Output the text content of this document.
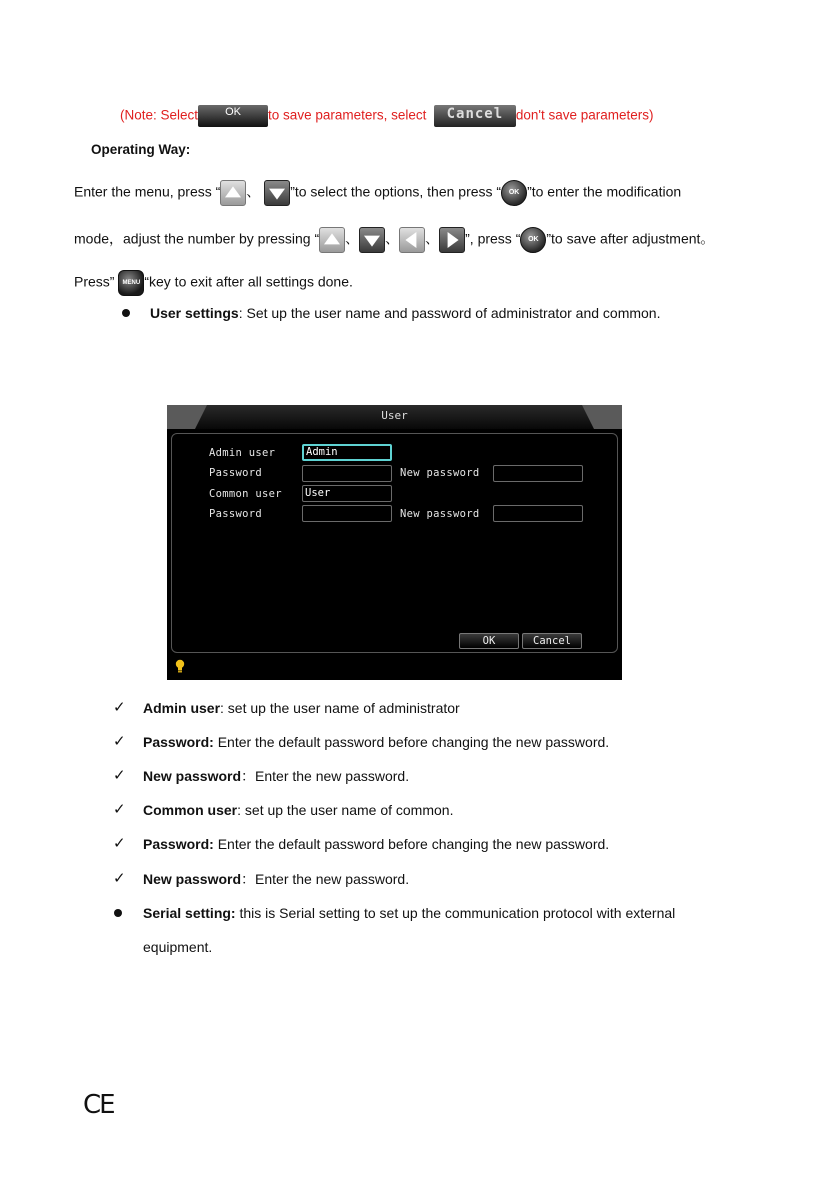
(Note: Select OK to save parameters, select Cancel don't save parameters)
Operating Way:
Enter the menu, press “ 、 ”to select the options, then press “ OK ”to enter the modification
mode，adjust the number by pressing “ 、 、 、 ”, press “ OK ”to save after adjustment。
Press” MENU “key to exit after all settings done.
User settings: Set up the user name and password of administrator and common.
User
Admin user	Admin
Password	New password
Common user User
Password	New password
OK	Cancel
✓ Admin user: set up the user name of administrator
✓ Password: Enter the default password before changing the new password.
✓ New password：Enter the new password.
✓ Common user: set up the user name of common.
✓ Password: Enter the default password before changing the new password.
✓ New password：Enter the new password.
Serial setting: this is Serial setting to set up the communication protocol with external
equipment.
CE
